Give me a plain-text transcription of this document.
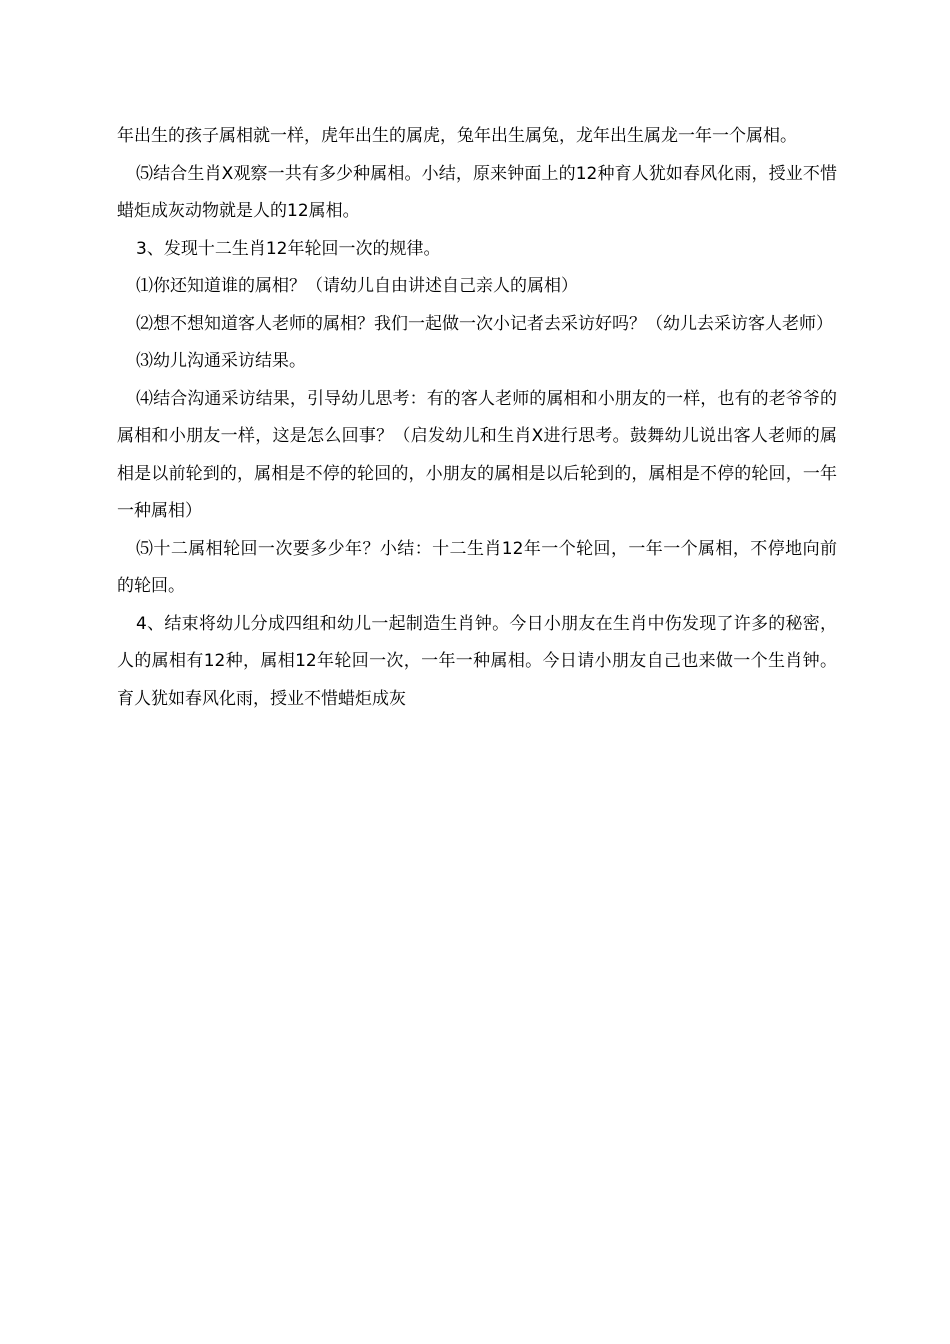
年出生的孩子属相就一样，虎年出生的属虎，兔年出生属兔，龙年出生属龙一年一个属相。

⑸结合生肖X观察一共有多少种属相。小结，原来钟面上的12种育人犹如春风化雨，授业不惜蜡炬成灰动物就是人的12属相。

3、发现十二生肖12年轮回一次的规律。

⑴你还知道谁的属相？（请幼儿自由讲述自己亲人的属相）

⑵想不想知道客人老师的属相？我们一起做一次小记者去采访好吗？（幼儿去采访客人老师）

⑶幼儿沟通采访结果。

⑷结合沟通采访结果，引导幼儿思考：有的客人老师的属相和小朋友的一样，也有的老爷爷的属相和小朋友一样，这是怎么回事？（启发幼儿和生肖X进行思考。鼓舞幼儿说出客人老师的属相是以前轮到的，属相是不停的轮回的，小朋友的属相是以后轮到的，属相是不停的轮回，一年一种属相）

⑸十二属相轮回一次要多少年？小结：十二生肖12年一个轮回，一年一个属相，不停地向前的轮回。

4、结束将幼儿分成四组和幼儿一起制造生肖钟。今日小朋友在生肖中伤发现了许多的秘密，人的属相有12种，属相12年轮回一次，一年一种属相。今日请小朋友自己也来做一个生肖钟。育人犹如春风化雨，授业不惜蜡炬成灰
